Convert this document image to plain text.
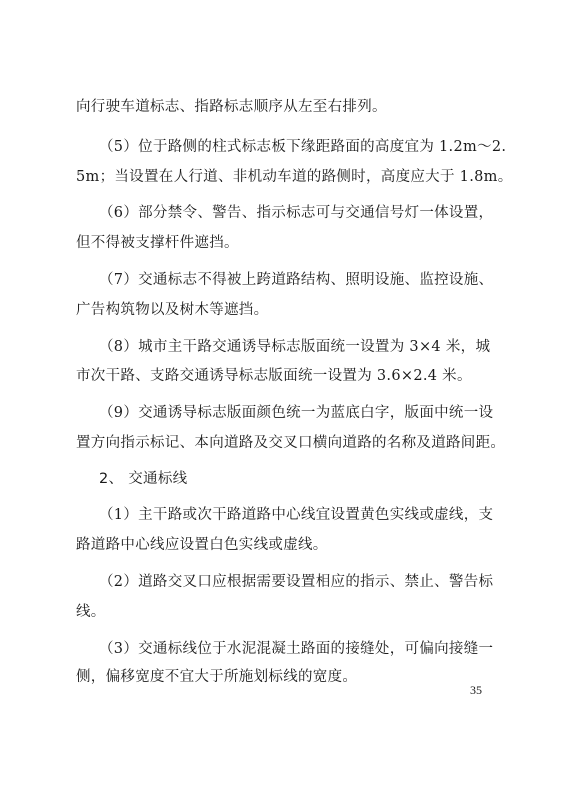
向行驶车道标志、指路标志顺序从左至右排列。
（5）位于路侧的柱式标志板下缘距路面的高度宜为 1.2m～2.
5m；当设置在人行道、非机动车道的路侧时，高度应大于 1.8m。
（6）部分禁令、警告、指示标志可与交通信号灯一体设置，
但不得被支撑杆件遮挡。
（7）交通标志不得被上跨道路结构、照明设施、监控设施、
广告构筑物以及树木等遮挡。
（8）城市主干路交通诱导标志版面统一设置为 3×4 米，城
市次干路、支路交通诱导标志版面统一设置为 3.6×2.4 米。
（9）交通诱导标志版面颜色统一为蓝底白字，版面中统一设
置方向指示标记、本向道路及交叉口横向道路的名称及道路间距。
2、 交通标线
（1）主干路或次干路道路中心线宜设置黄色实线或虚线，支
路道路中心线应设置白色实线或虚线。
（2）道路交叉口应根据需要设置相应的指示、禁止、警告标
线。
（3）交通标线位于水泥混凝土路面的接缝处，可偏向接缝一
侧，偏移宽度不宜大于所施划标线的宽度。
35
